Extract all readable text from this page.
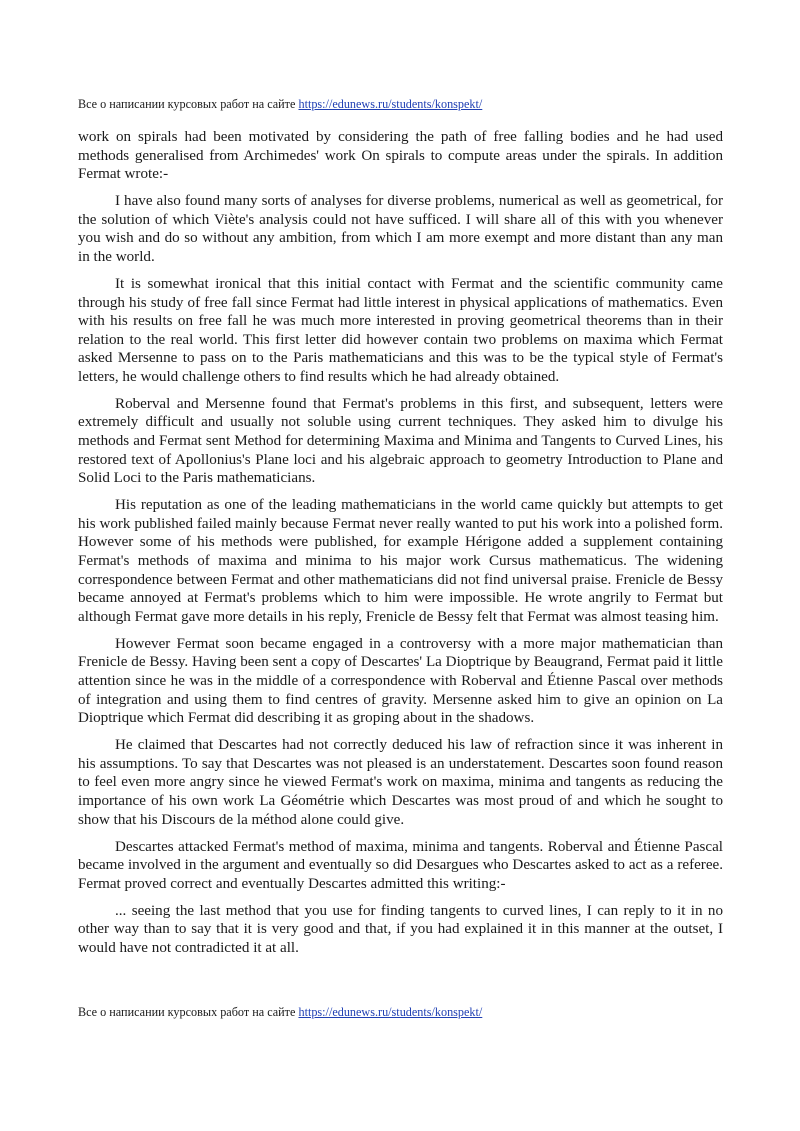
Все о написании курсовых работ на сайте https://edunews.ru/students/konspekt/

work on spirals had been motivated by considering the path of free falling bodies and he had used methods generalised from Archimedes' work On spirals to compute areas under the spirals. In addition Fermat wrote:-

I have also found many sorts of analyses for diverse problems, numerical as well as geometrical, for the solution of which Viète's analysis could not have sufficed. I will share all of this with you whenever you wish and do so without any ambition, from which I am more exempt and more distant than any man in the world.

It is somewhat ironical that this initial contact with Fermat and the scientific community came through his study of free fall since Fermat had little interest in physical applications of mathematics. Even with his results on free fall he was much more interested in proving geometrical theorems than in their relation to the real world. This first letter did however contain two problems on maxima which Fermat asked Mersenne to pass on to the Paris mathematicians and this was to be the typical style of Fermat's letters, he would challenge others to find results which he had already obtained.

Roberval and Mersenne found that Fermat's problems in this first, and subsequent, letters were extremely difficult and usually not soluble using current techniques. They asked him to divulge his methods and Fermat sent Method for determining Maxima and Minima and Tangents to Curved Lines, his restored text of Apollonius's Plane loci and his algebraic approach to geometry Introduction to Plane and Solid Loci to the Paris mathematicians.

His reputation as one of the leading mathematicians in the world came quickly but attempts to get his work published failed mainly because Fermat never really wanted to put his work into a polished form. However some of his methods were published, for example Hérigone added a supplement containing Fermat's methods of maxima and minima to his major work Cursus mathematicus. The widening correspondence between Fermat and other mathematicians did not find universal praise. Frenicle de Bessy became annoyed at Fermat's problems which to him were impossible. He wrote angrily to Fermat but although Fermat gave more details in his reply, Frenicle de Bessy felt that Fermat was almost teasing him.

However Fermat soon became engaged in a controversy with a more major mathematician than Frenicle de Bessy. Having been sent a copy of Descartes' La Dioptrique by Beaugrand, Fermat paid it little attention since he was in the middle of a correspondence with Roberval and Étienne Pascal over methods of integration and using them to find centres of gravity. Mersenne asked him to give an opinion on La Dioptrique which Fermat did describing it as groping about in the shadows.

He claimed that Descartes had not correctly deduced his law of refraction since it was inherent in his assumptions. To say that Descartes was not pleased is an understatement. Descartes soon found reason to feel even more angry since he viewed Fermat's work on maxima, minima and tangents as reducing the importance of his own work La Géométrie which Descartes was most proud of and which he sought to show that his Discours de la méthod alone could give.

Descartes attacked Fermat's method of maxima, minima and tangents. Roberval and Étienne Pascal became involved in the argument and eventually so did Desargues who Descartes asked to act as a referee. Fermat proved correct and eventually Descartes admitted this writing:-

... seeing the last method that you use for finding tangents to curved lines, I can reply to it in no other way than to say that it is very good and that, if you had explained it in this manner at the outset, I would have not contradicted it at all.

Все о написании курсовых работ на сайте https://edunews.ru/students/konspekt/
